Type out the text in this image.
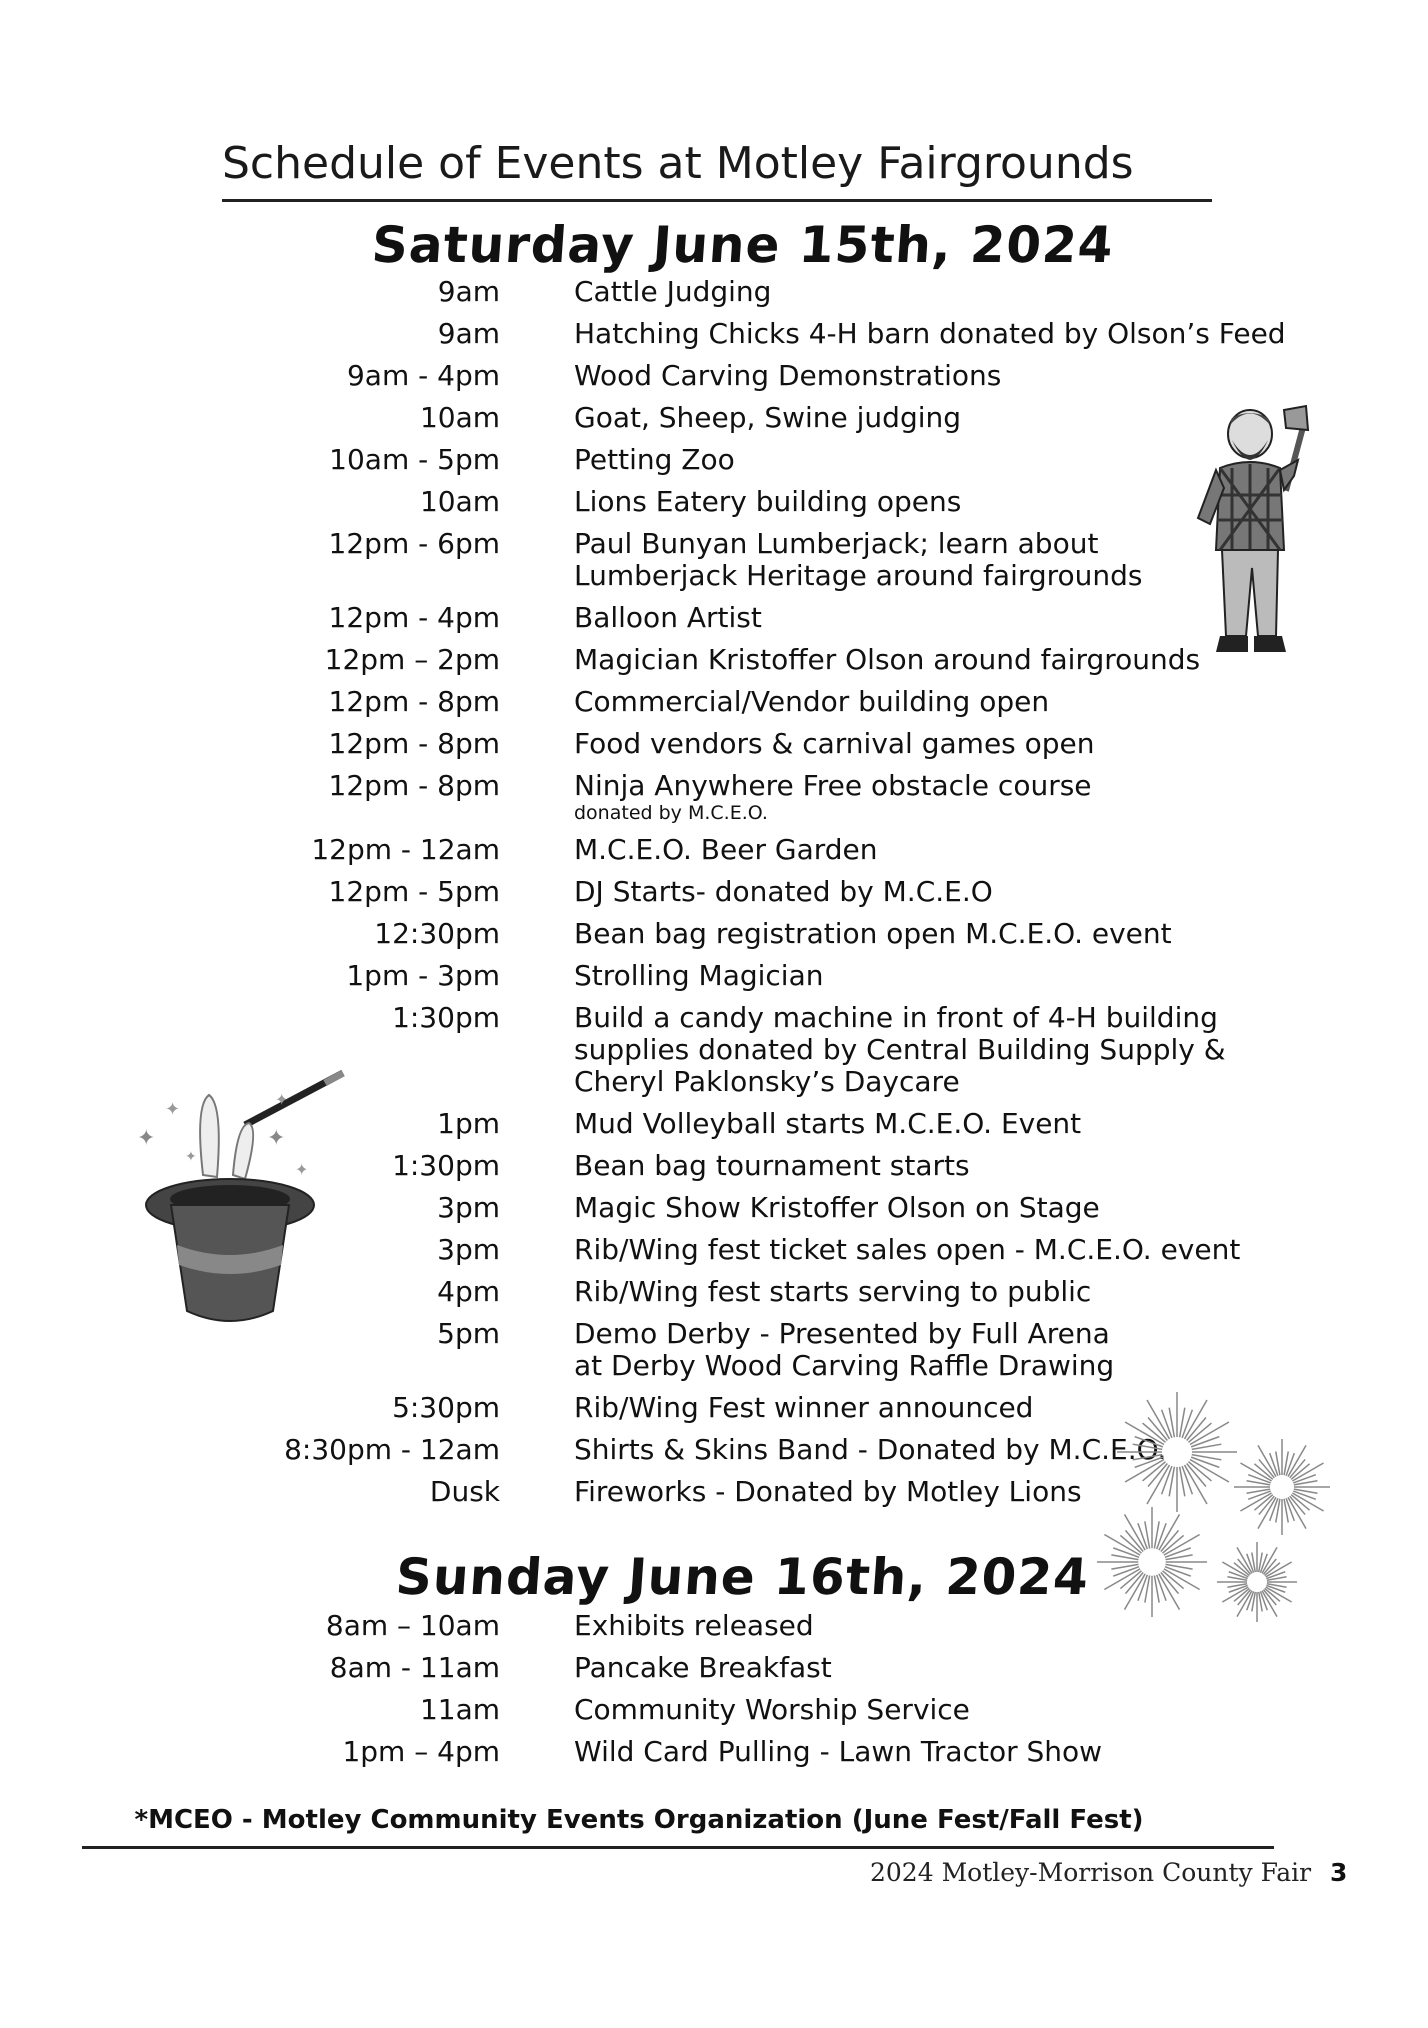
Schedule of Events at Motley Fairgrounds
Saturday June 15th, 2024
9am	Cattle Judging
9am	Hatching Chicks 4-H barn donated by Olson’s Feed
9am - 4pm	Wood Carving Demonstrations
10am	Goat, Sheep, Swine judging
10am - 5pm	Petting Zoo
10am	Lions Eatery building opens
12pm - 6pm	Paul Bunyan Lumberjack; learn about
Lumberjack Heritage around fairgrounds
12pm - 4pm	Balloon Artist
12pm – 2pm	Magician Kristoffer Olson around fairgrounds
12pm - 8pm	Commercial/Vendor building open
12pm - 8pm	Food vendors & carnival games open
12pm - 8pm	Ninja Anywhere Free obstacle course
donated by M.C.E.O.
12pm - 12am	M.C.E.O. Beer Garden
12pm - 5pm	DJ Starts- donated by M.C.E.O
12:30pm	Bean bag registration open M.C.E.O. event
1pm - 3pm	Strolling Magician
1:30pm	Build a candy machine in front of 4-H building
supplies donated by Central Building Supply &
Cheryl Paklonsky’s Daycare
1pm	Mud Volleyball starts M.C.E.O. Event
1:30pm	Bean bag tournament starts
3pm	Magic Show Kristoffer Olson on Stage
3pm	Rib/Wing fest ticket sales open - M.C.E.O. event
4pm	Rib/Wing fest starts serving to public
5pm	Demo Derby - Presented by Full Arena
at Derby Wood Carving Raffle Drawing
5:30pm	Rib/Wing Fest winner announced
8:30pm - 12am	Shirts & Skins Band - Donated by M.C.E.O.
Dusk	Fireworks - Donated by Motley Lions
Sunday June 16th, 2024
8am – 10am	Exhibits released
8am - 11am	Pancake Breakfast
11am	Community Worship Service
1pm – 4pm	Wild Card Pulling - Lawn Tractor Show
✦
✦
✦
✦
✦
✦
*MCEO - Motley Community Events Organization (June Fest/Fall Fest)
2024 Motley-Morrison County Fair 3
